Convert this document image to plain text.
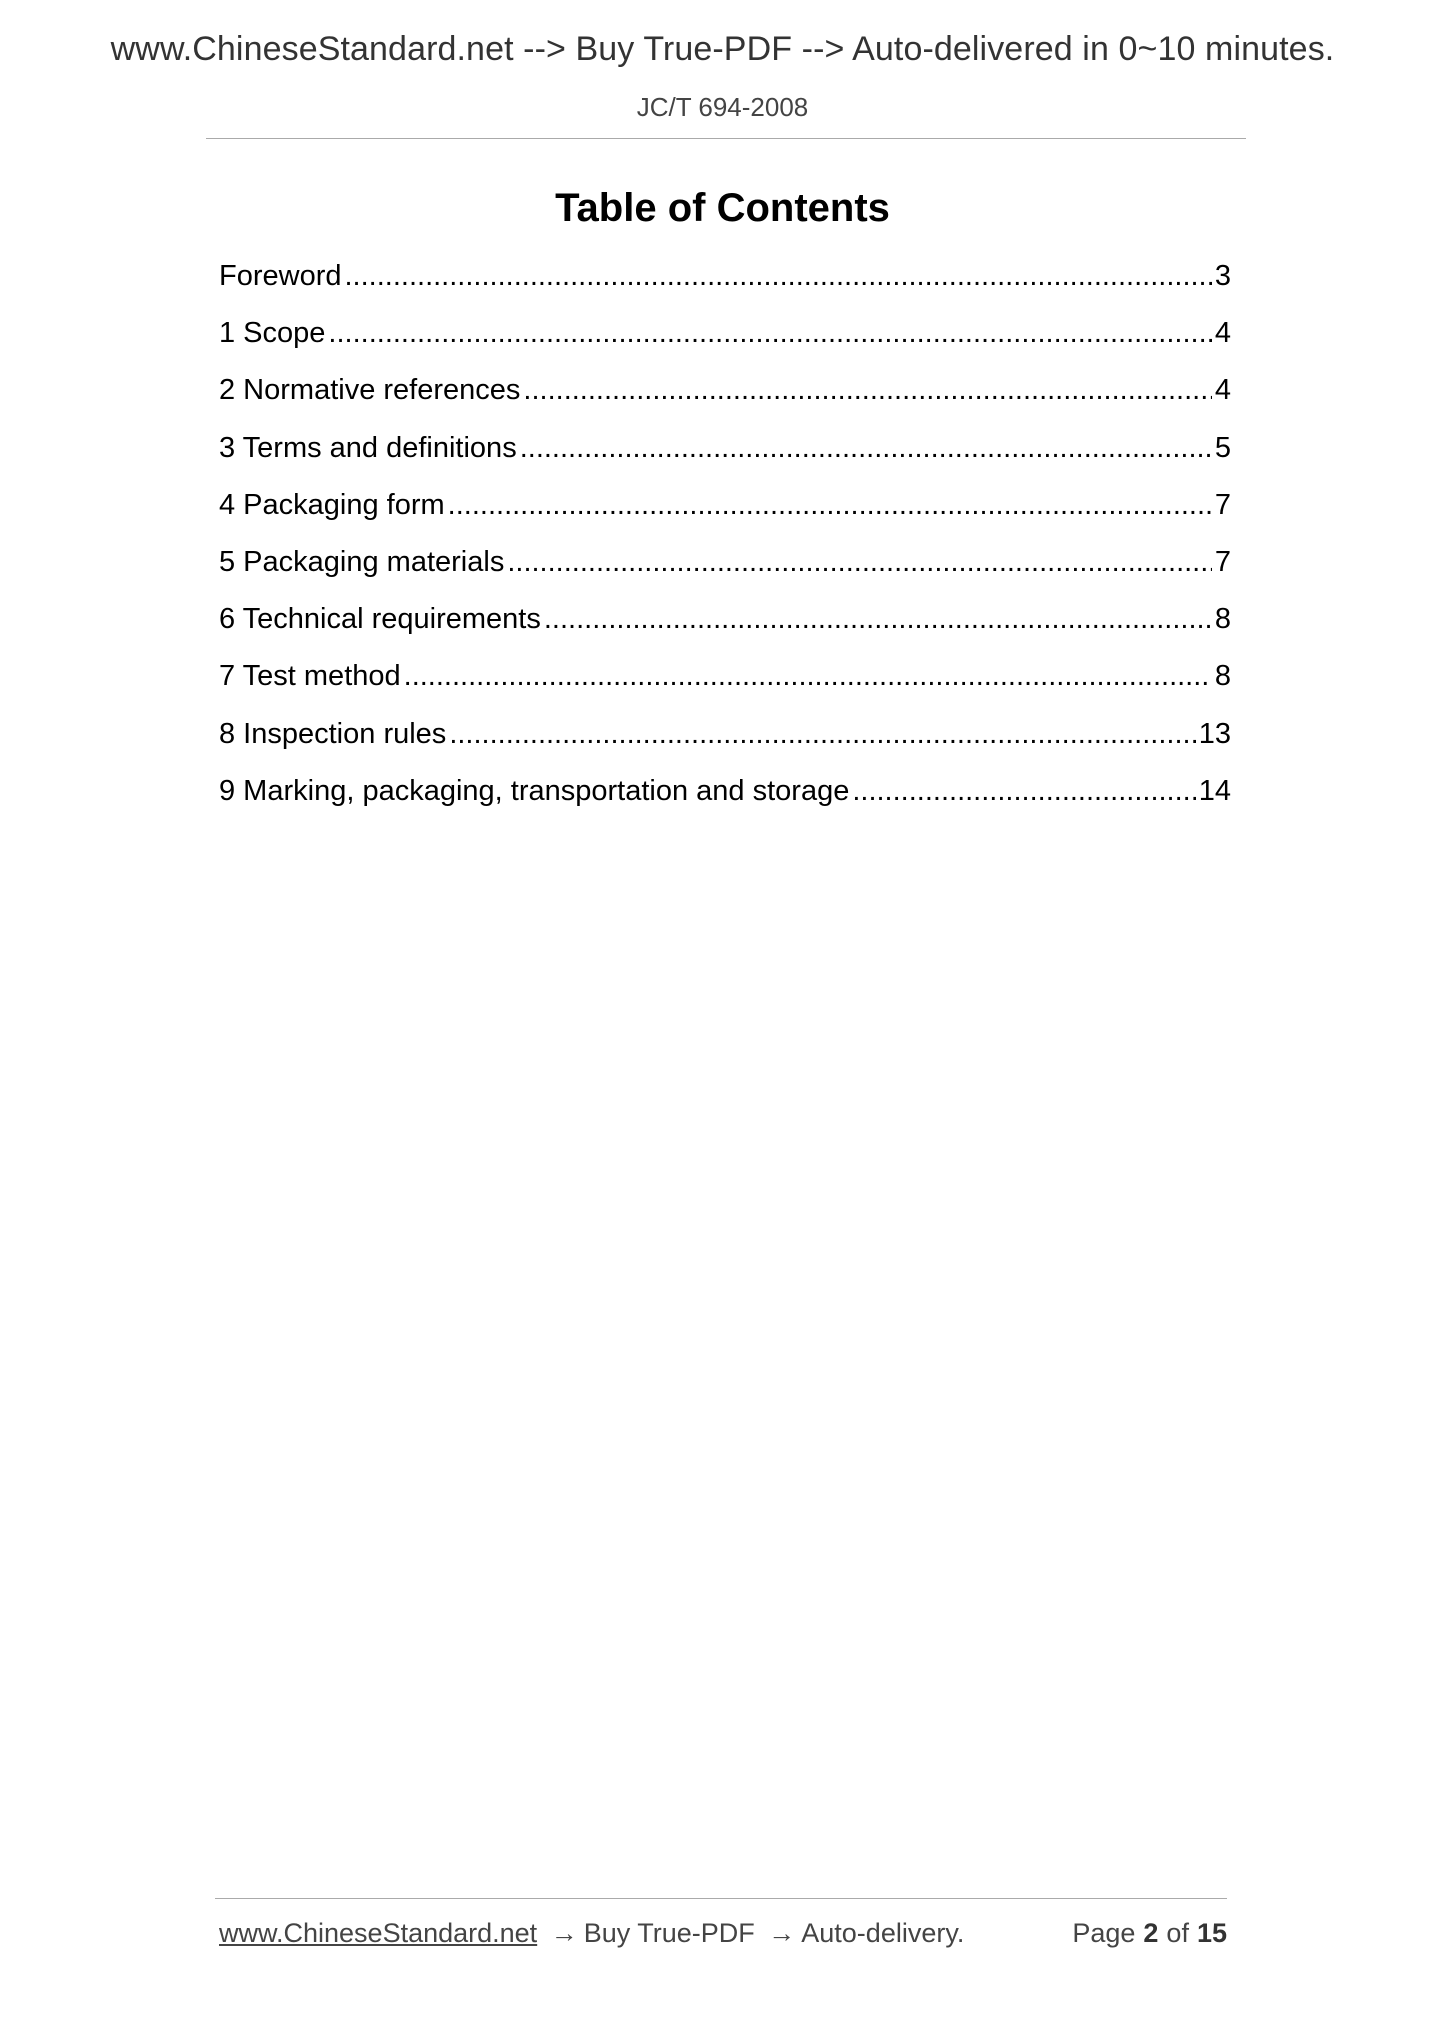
www.ChineseStandard.net --> Buy True-PDF --> Auto-delivered in 0~10 minutes.
JC/T 694-2008
Table of Contents
Foreword .....	3
1 Scope .....	4
2 Normative references .....	4
3 Terms and definitions .....	5
4 Packaging form .....	7
5 Packaging materials .....	7
6 Technical requirements .....	8
7 Test method .....	8
8 Inspection rules .....	13
9 Marking, packaging, transportation and storage .....	14
www.ChineseStandard.net → Buy True-PDF → Auto-delivery.	Page 2 of 15
